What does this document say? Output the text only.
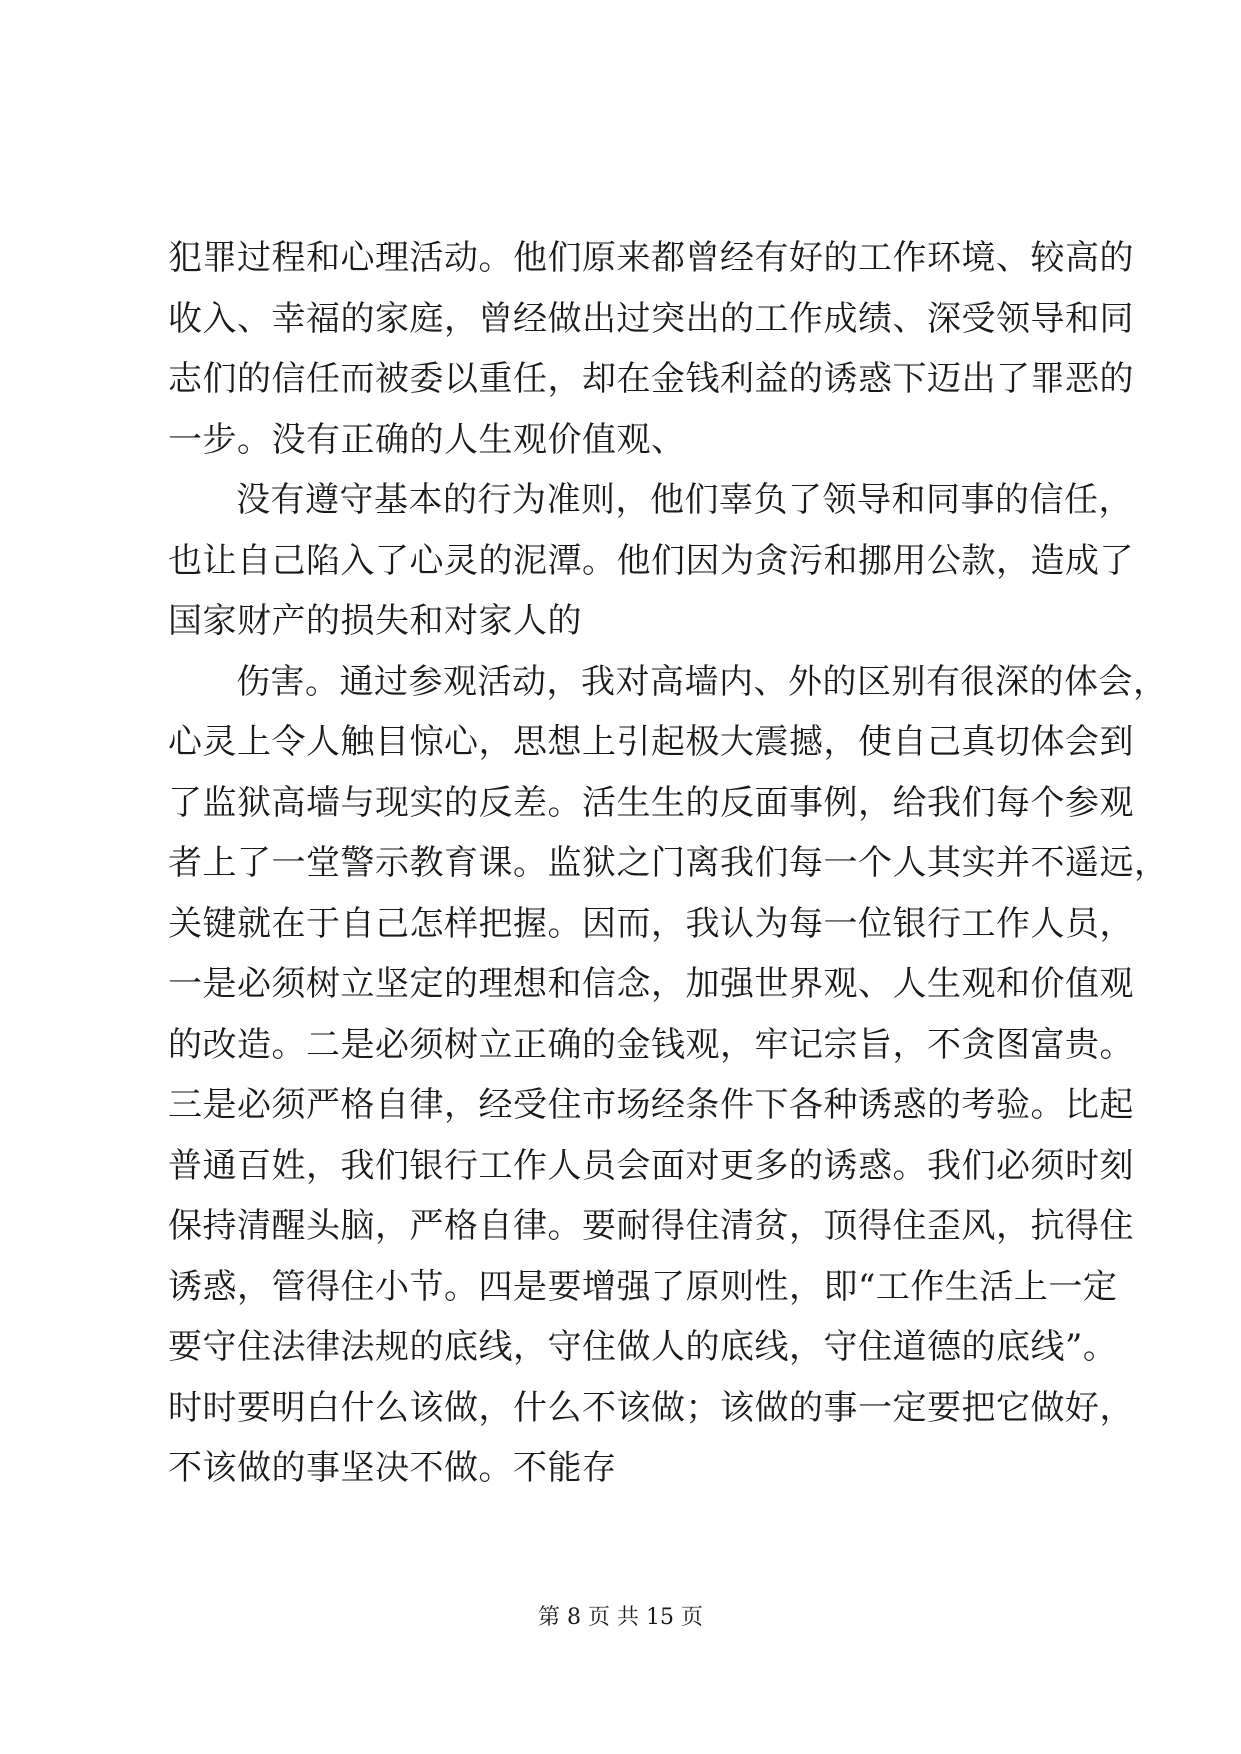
犯罪过程和心理活动。他们原来都曾经有好的工作环境、较高的
收入、幸福的家庭，曾经做出过突出的工作成绩、深受领导和同
志们的信任而被委以重任，却在金钱利益的诱惑下迈出了罪恶的
一步。没有正确的人生观价值观、
没有遵守基本的行为准则，他们辜负了领导和同事的信任，
也让自己陷入了心灵的泥潭。他们因为贪污和挪用公款，造成了
国家财产的损失和对家人的
伤害。通过参观活动，我对高墙内、外的区别有很深的体会，
心灵上令人触目惊心，思想上引起极大震撼，使自己真切体会到
了监狱高墙与现实的反差。活生生的反面事例，给我们每个参观
者上了一堂警示教育课。监狱之门离我们每一个人其实并不遥远，
关键就在于自己怎样把握。因而，我认为每一位银行工作人员，
一是必须树立坚定的理想和信念，加强世界观、人生观和价值观
的改造。二是必须树立正确的金钱观，牢记宗旨，不贪图富贵。
三是必须严格自律，经受住市场经条件下各种诱惑的考验。比起
普通百姓，我们银行工作人员会面对更多的诱惑。我们必须时刻
保持清醒头脑，严格自律。要耐得住清贫，顶得住歪风，抗得住
诱惑，管得住小节。四是要增强了原则性，即“工作生活上一定
要守住法律法规的底线，守住做人的底线，守住道德的底线”。
时时要明白什么该做，什么不该做；该做的事一定要把它做好，
不该做的事坚决不做。不能存
第 8 页 共 15 页
